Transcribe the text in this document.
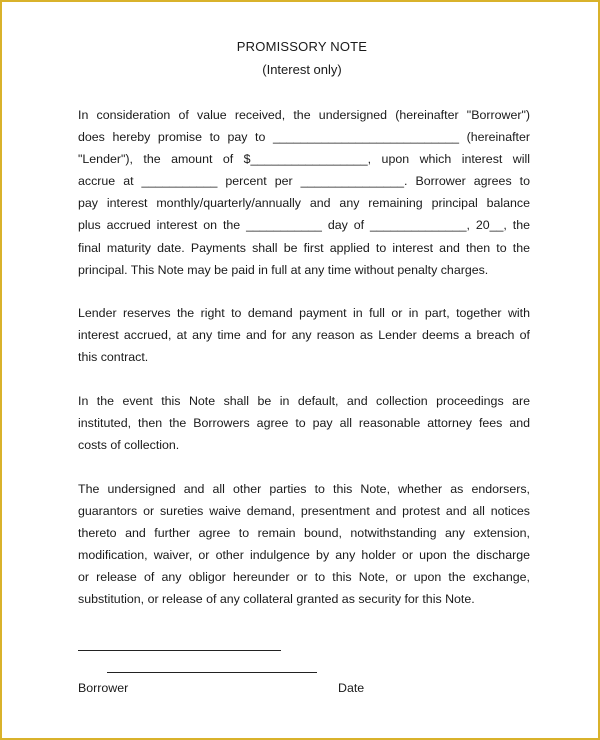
PROMISSORY NOTE
(Interest only)
In consideration of value received, the undersigned (hereinafter "Borrower")
does hereby promise to pay to ___________________________ (hereinafter
"Lender"), the amount of $_________________, upon which interest will
accrue at ___________ percent per _______________. Borrower agrees to
pay interest monthly/quarterly/annually and any remaining principal balance
plus accrued interest on the ___________ day of ______________, 20__, the
final maturity date. Payments shall be first applied to interest and then to the
principal. This Note may be paid in full at any time without penalty charges.
Lender reserves the right to demand payment in full or in part, together with
interest accrued, at any time and for any reason as Lender deems a breach of
this contract.
In the event this Note shall be in default, and collection proceedings are
instituted, then the Borrowers agree to pay all reasonable attorney fees and
costs of collection.
The undersigned and all other parties to this Note, whether as endorsers,
guarantors or sureties waive demand, presentment and protest and all notices
thereto and further agree to remain bound, notwithstanding any extension,
modification, waiver, or other indulgence by any holder or upon the discharge
or release of any obligor hereunder or to this Note, or upon the exchange,
substitution, or release of any collateral granted as security for this Note.
Borrower	Date
